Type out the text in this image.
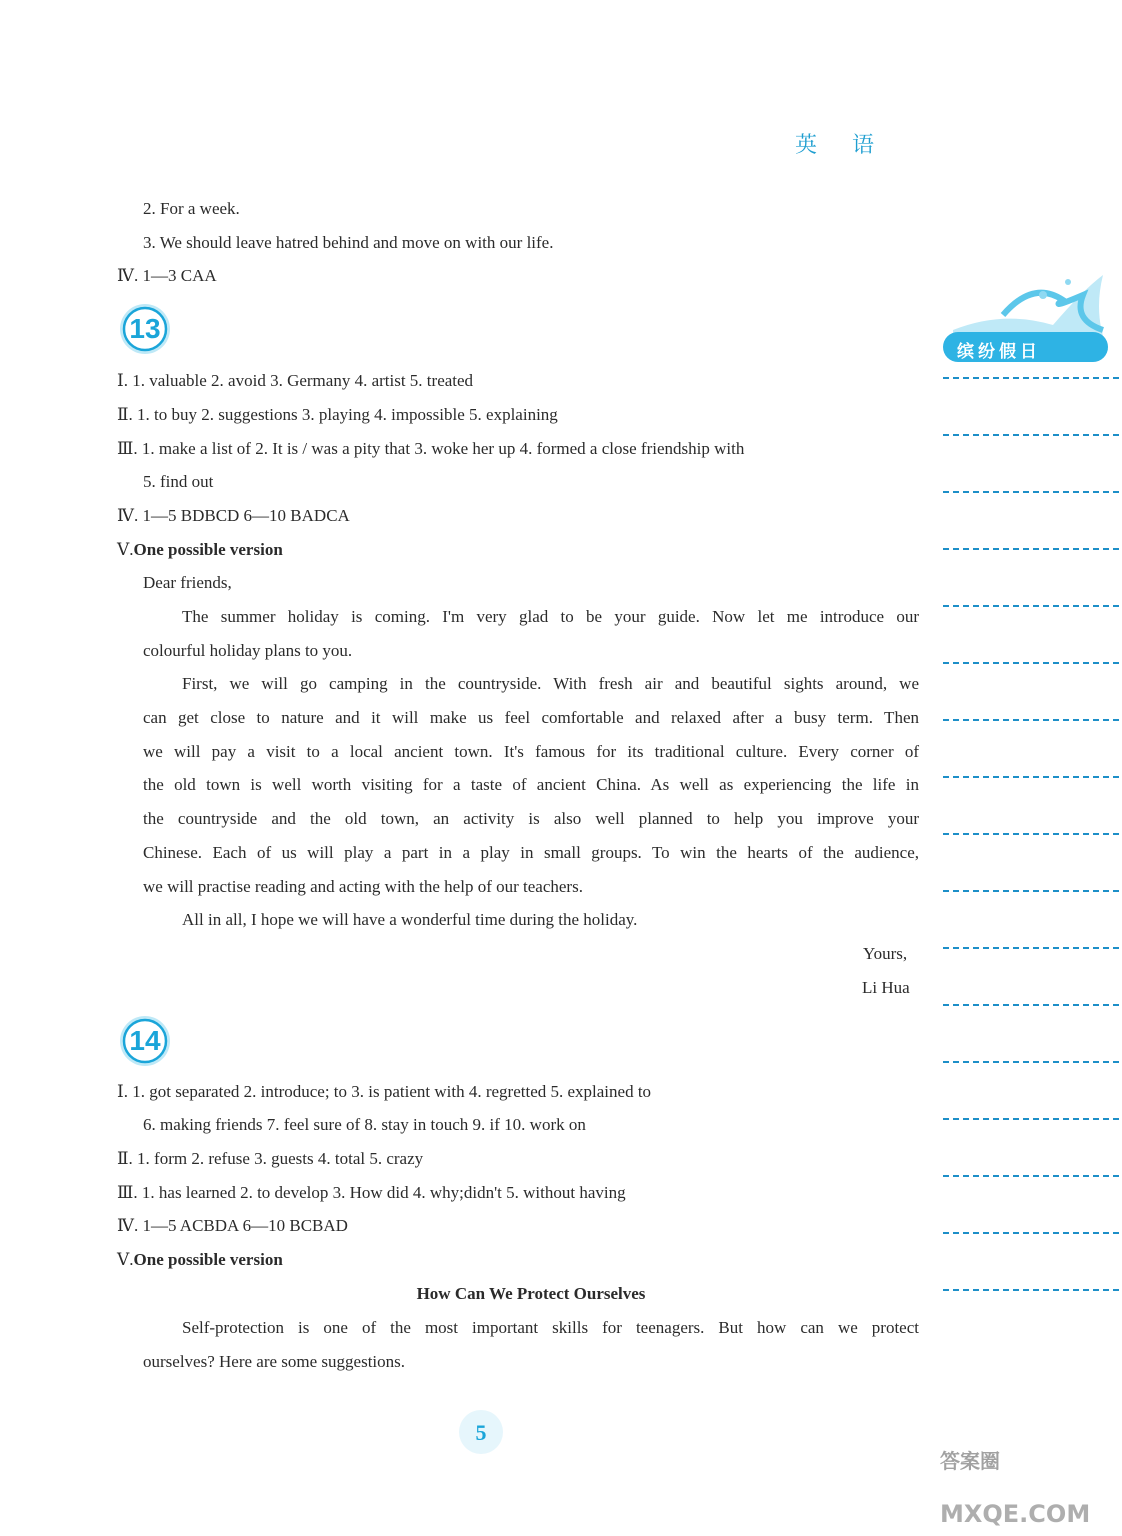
英 语
缤纷假日
2. For a week.
3. We should leave hatred behind and move on with our life.
Ⅳ. 1—3 CAA
13
Ⅰ. 1. valuable 2. avoid 3. Germany 4. artist 5. treated
Ⅱ. 1. to buy 2. suggestions 3. playing 4. impossible 5. explaining
Ⅲ. 1. make a list of 2. It is / was a pity that 3. woke her up 4. formed a close friendship with
5. find out
Ⅳ. 1—5 BDBCD 6—10 BADCA
Ⅴ.One possible version
Dear friends,
The summer holiday is coming. I'm very glad to be your guide. Now let me introduce our
colourful holiday plans to you.
First, we will go camping in the countryside. With fresh air and beautiful sights around, we
can get close to nature and it will make us feel comfortable and relaxed after a busy term. Then
we will pay a visit to a local ancient town. It's famous for its traditional culture. Every corner of
the old town is well worth visiting for a taste of ancient China. As well as experiencing the life in
the countryside and the old town, an activity is also well planned to help you improve your
Chinese. Each of us will play a part in a play in small groups. To win the hearts of the audience,
we will practise reading and acting with the help of our teachers.
All in all, I hope we will have a wonderful time during the holiday.
Yours,
Li Hua
14
Ⅰ. 1. got separated 2. introduce; to 3. is patient with 4. regretted 5. explained to
6. making friends 7. feel sure of 8. stay in touch 9. if 10. work on
Ⅱ. 1. form 2. refuse 3. guests 4. total 5. crazy
Ⅲ. 1. has learned 2. to develop 3. How did 4. why;didn't 5. without having
Ⅳ. 1—5 ACBDA 6—10 BCBAD
Ⅴ.One possible version
How Can We Protect Ourselves
Self-protection is one of the most important skills for teenagers. But how can we protect
ourselves? Here are some suggestions.
5
答案圈
MXQE.COM
